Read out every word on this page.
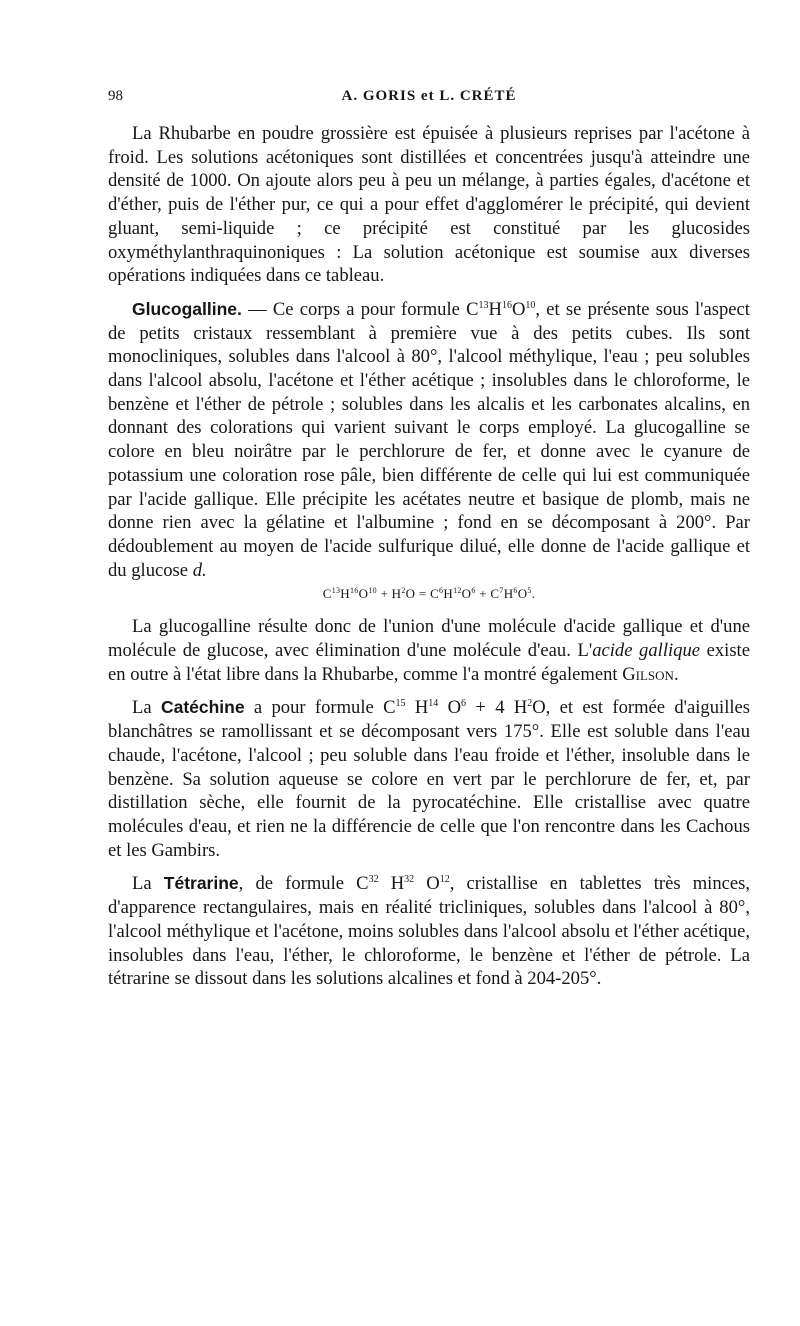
98	A. GORIS et L. CRÉTÉ

La Rhubarbe en poudre grossière est épuisée à plusieurs reprises par l'acétone à froid. Les solutions acétoniques sont distillées et concentrées jusqu'à atteindre une densité de 1000. On ajoute alors peu à peu un mélange, à parties égales, d'acétone et d'éther, puis de l'éther pur, ce qui a pour effet d'agglomérer le précipité, qui devient gluant, semi-liquide ; ce précipité est constitué par les glucosides oxyméthylanthraquinoniques : La solution acétonique est soumise aux diverses opérations indiquées dans ce tableau.

Glucogalline. — Ce corps a pour formule $C^{13}H^{16}O^{10}$, et se présente sous l'aspect de petits cristaux ressemblant à première vue à des petits cubes. Ils sont monocliniques, solubles dans l'alcool à 80°, l'alcool méthylique, l'eau ; peu solubles dans l'alcool absolu, l'acétone et l'éther acétique ; insolubles dans le chloroforme, le benzène et l'éther de pétrole ; solubles dans les alcalis et les carbonates alcalins, en donnant des colorations qui varient suivant le corps employé. La glucogalline se colore en bleu noirâtre par le perchlorure de fer, et donne avec le cyanure de potassium une coloration rose pâle, bien différente de celle qui lui est communiquée par l'acide gallique. Elle précipite les acétates neutre et basique de plomb, mais ne donne rien avec la gélatine et l'albumine ; fond en se décomposant à 200°. Par dédoublement au moyen de l'acide sulfurique dilué, elle donne de l'acide gallique et du glucose d.

$C^{13}H^{16}O^{10} + H^2O = C^6H^{12}O^6 + C^7H^6O^5$.

La glucogalline résulte donc de l'union d'une molécule d'acide gallique et d'une molécule de glucose, avec élimination d'une molécule d'eau. L'acide gallique existe en outre à l'état libre dans la Rhubarbe, comme l'a montré également Gilson.

La Catéchine a pour formule $C^{15}$ $H^{14}$ $O^6 + 4$ $H^2O$, et est formée d'aiguilles blanchâtres se ramollissant et se décomposant vers 175°. Elle est soluble dans l'eau chaude, l'acétone, l'alcool ; peu soluble dans l'eau froide et l'éther, insoluble dans le benzène. Sa solution aqueuse se colore en vert par le perchlorure de fer, et, par distillation sèche, elle fournit de la pyrocatéchine. Elle cristallise avec quatre molécules d'eau, et rien ne la différencie de celle que l'on rencontre dans les Cachous et les Gambirs.

La Tétrarine, de formule $C^{32}$ $H^{32}$ $O^{12}$, cristallise en tablettes très minces, d'apparence rectangulaires, mais en réalité tricliniques, solubles dans l'alcool à 80°, l'alcool méthylique et l'acétone, moins solubles dans l'alcool absolu et l'éther acétique, insolubles dans l'eau, l'éther, le chloroforme, le benzène et l'éther de pétrole. La tétrarine se dissout dans les solutions alcalines et fond à 204-205°.
